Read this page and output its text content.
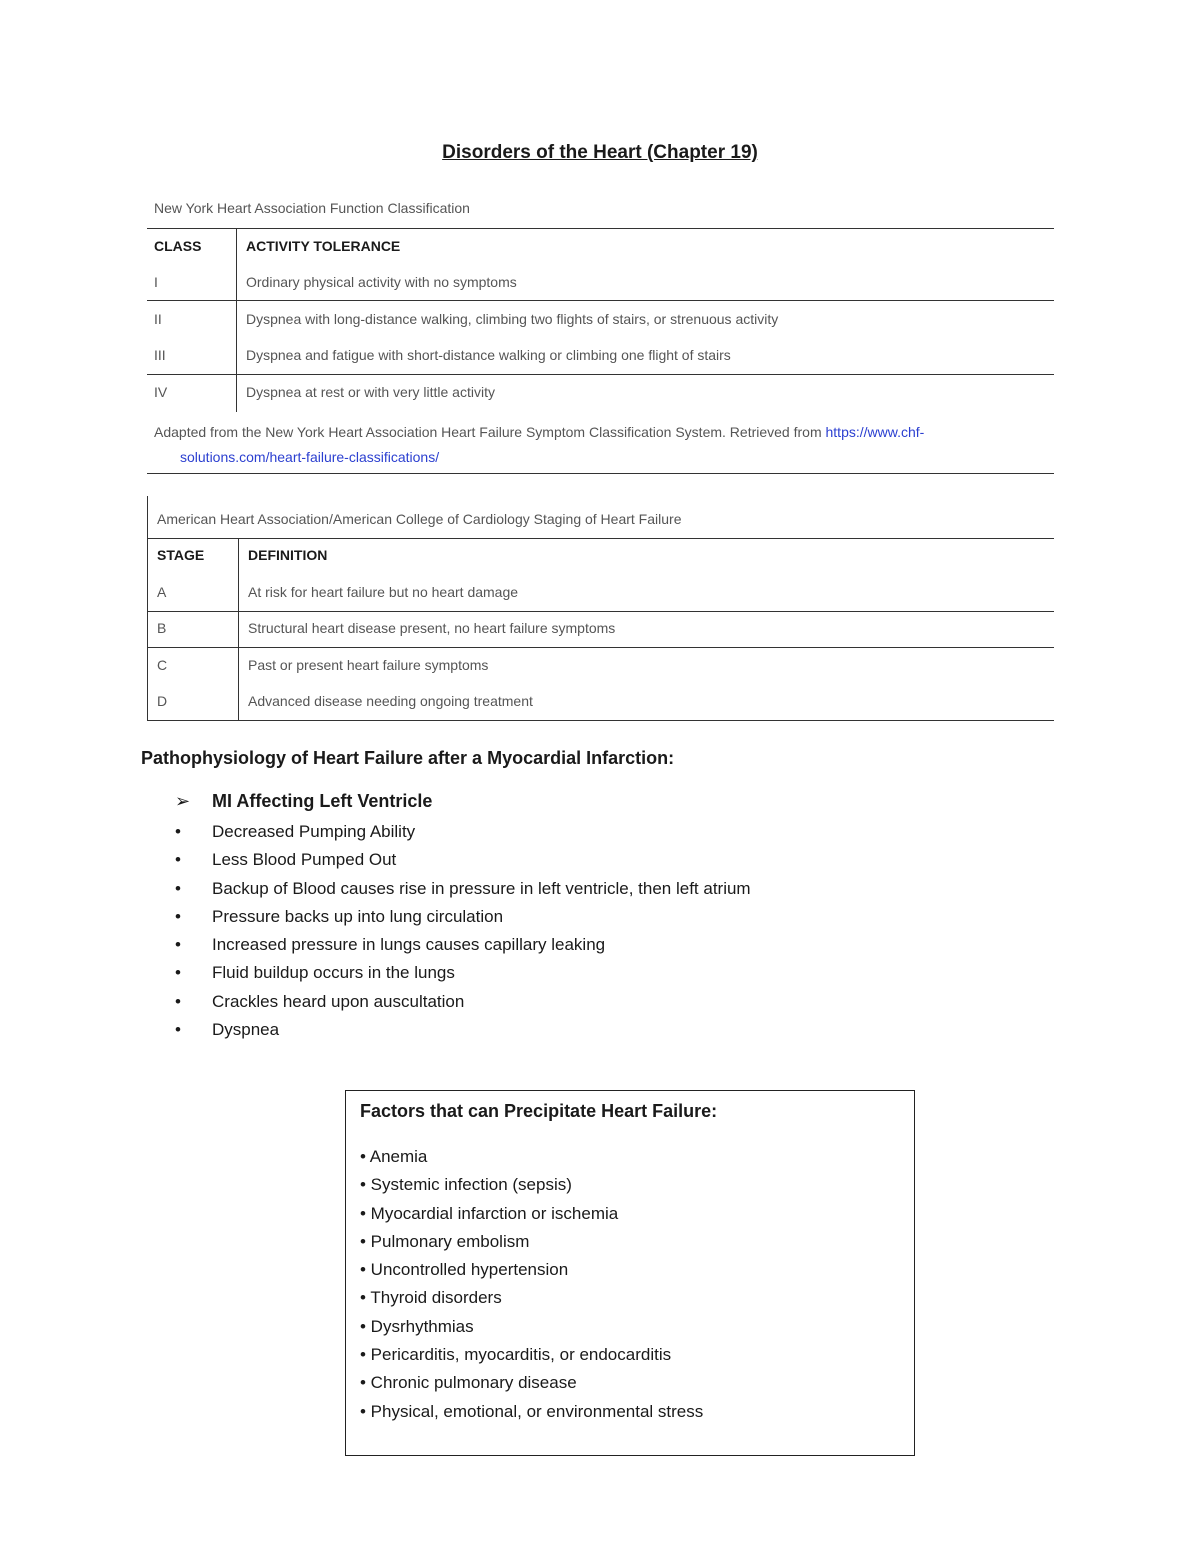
Disorders of the Heart (Chapter 19)
New York Heart Association Function Classification
CLASS	ACTIVITY TOLERANCE
I	Ordinary physical activity with no symptoms
II	Dyspnea with long-distance walking, climbing two flights of stairs, or strenuous activity
III	Dyspnea and fatigue with short-distance walking or climbing one flight of stairs
IV	Dyspnea at rest or with very little activity
Adapted from the New York Heart Association Heart Failure Symptom Classification System. Retrieved from https://www.chf-
solutions.com/heart-failure-classifications/
American Heart Association/American College of Cardiology Staging of Heart Failure
STAGE	DEFINITION
A	At risk for heart failure but no heart damage
B	Structural heart disease present, no heart failure symptoms
C	Past or present heart failure symptoms
D	Advanced disease needing ongoing treatment
Pathophysiology of Heart Failure after a Myocardial Infarction:
➢ MI Affecting Left Ventricle
• Decreased Pumping Ability
• Less Blood Pumped Out
• Backup of Blood causes rise in pressure in left ventricle, then left atrium
• Pressure backs up into lung circulation
• Increased pressure in lungs causes capillary leaking
• Fluid buildup occurs in the lungs
• Crackles heard upon auscultation
• Dyspnea
Factors that can Precipitate Heart Failure:
• Anemia
• Systemic infection (sepsis)
• Myocardial infarction or ischemia
• Pulmonary embolism
• Uncontrolled hypertension
• Thyroid disorders
• Dysrhythmias
• Pericarditis, myocarditis, or endocarditis
• Chronic pulmonary disease
• Physical, emotional, or environmental stress
